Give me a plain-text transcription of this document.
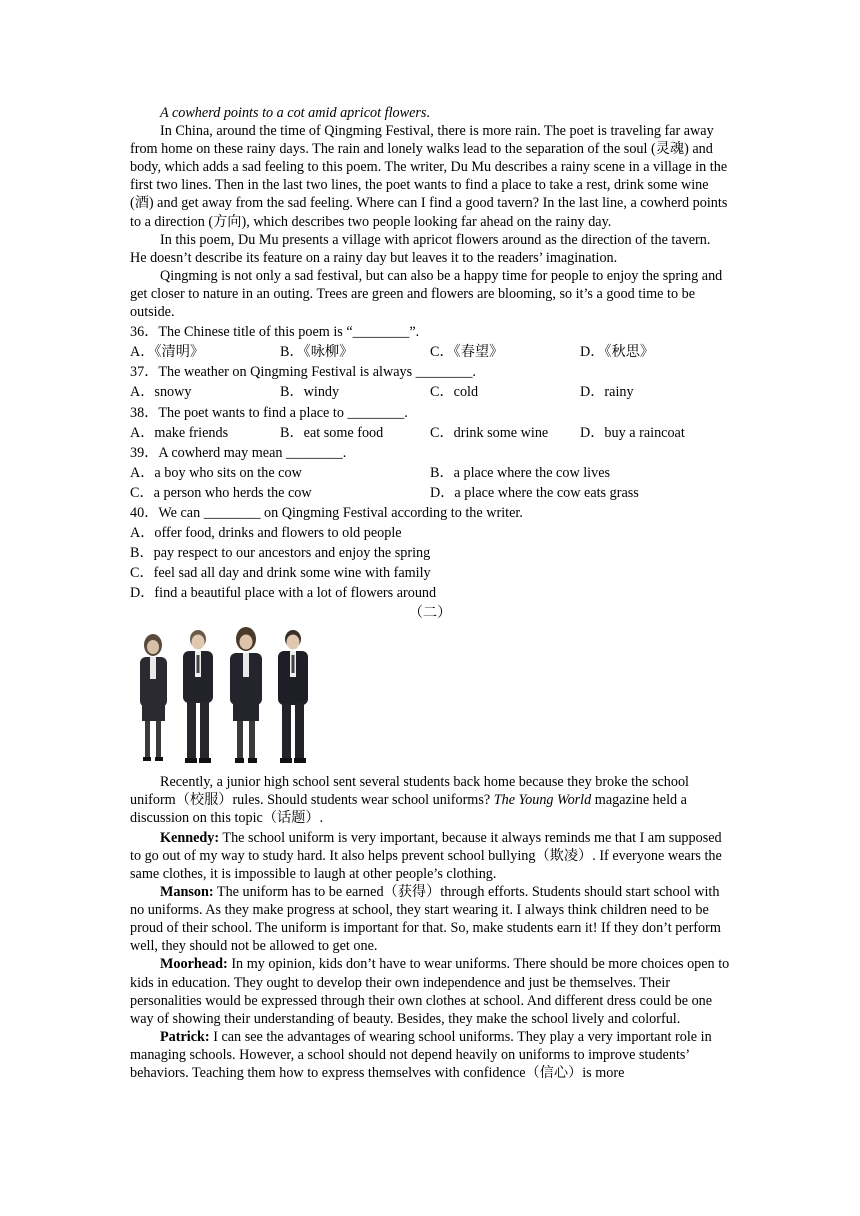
A cowherd points to a cot amid apricot flowers.

In China, around the time of Qingming Festival, there is more rain. The poet is traveling far away from home on these rainy days. The rain and lonely walks lead to the separation of the soul (灵魂) and body, which adds a sad feeling to this poem. The writer, Du Mu describes a rainy scene in a village in the first two lines. Then in the last two lines, the poet wants to find a place to take a rest, drink some wine (酒) and get away from the sad feeling. Where can I find a good tavern? In the last line, a cowherd points to a direction (方向), which describes two people looking far ahead on the rainy day.

In this poem, Du Mu presents a village with apricot flowers around as the direction of the tavern. He doesn’t describe its feature on a rainy day but leaves it to the readers’ imagination.

Qingming is not only a sad festival, but can also be a happy time for people to enjoy the spring and get closer to nature in an outing. Trees are green and flowers are blooming, so it’s a good time to be outside.

36．The Chinese title of this poem is “________”.

A．《清明》	B．《咏柳》	C．《春望》	D．《秋思》

37．The weather on Qingming Festival is always ________.

A．snowy	B．windy	C．cold	D．rainy

38．The poet wants to find a place to ________.

A．make friends	B．eat some food	C．drink some wine	D．buy a raincoat

39．A cowherd may mean ________.

A．a boy who sits on the cow	B．a place where the cow lives
C．a person who herds the cow	D．a place where the cow eats grass

40．We can ________ on Qingming Festival according to the writer.

A．offer food, drinks and flowers to old people

B．pay respect to our ancestors and enjoy the spring

C．feel sad all day and drink some wine with family

D．find a beautiful place with a lot of flowers around

（二）

Recently, a junior high school sent several students back home because they broke the school uniform（校服）rules. Should students wear school uniforms? The Young World magazine held a discussion on this topic（话题）.

Kennedy: The school uniform is very important, because it always reminds me that I am supposed to go out of my way to study hard. It also helps prevent school bullying（欺凌）. If everyone wears the same clothes, it is impossible to laugh at other people’s clothing.

Manson: The uniform has to be earned（获得）through efforts. Students should start school with no uniforms. As they make progress at school, they start wearing it. I always think children need to be proud of their school. The uniform is important for that. So, make students earn it! If they don’t perform well, they should not be allowed to get one.

Moorhead: In my opinion, kids don’t have to wear uniforms. There should be more choices open to kids in education. They ought to develop their own independence and just be themselves. Their personalities would be expressed through their own clothes at school. And different dress could be one way of showing their understanding of beauty. Besides, they make the school lively and colorful.

Patrick: I can see the advantages of wearing school uniforms. They play a very important role in managing schools. However, a school should not depend heavily on uniforms to improve students’ behaviors. Teaching them how to express themselves with confidence（信心）is more
